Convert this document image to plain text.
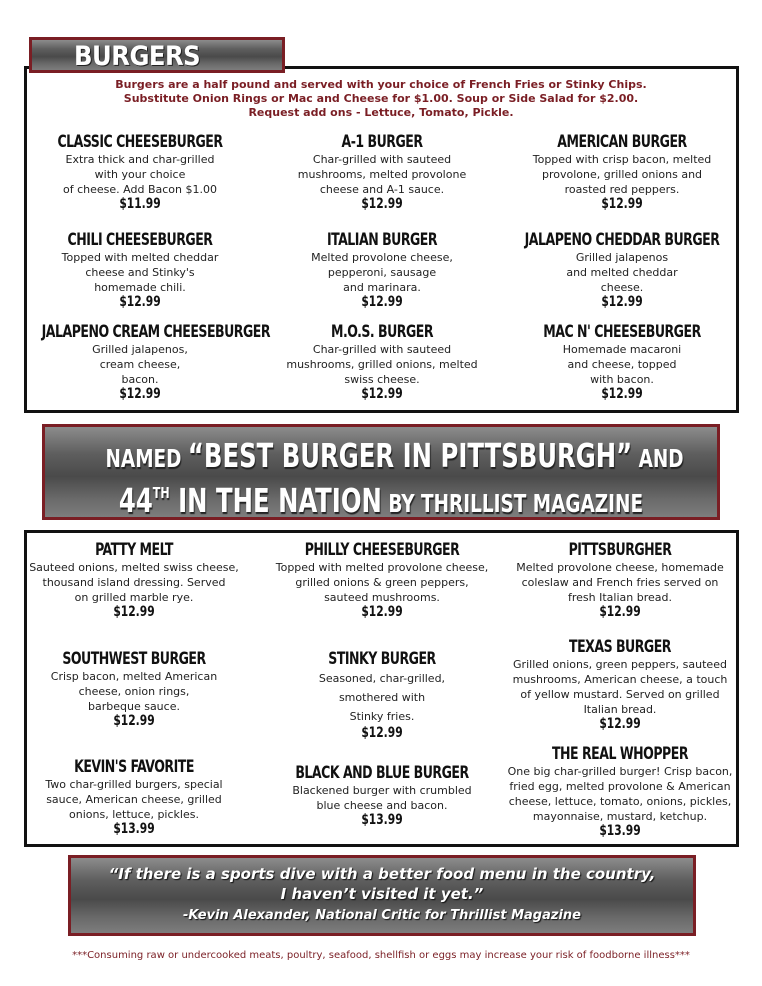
BURGERS
Burgers are a half pound and served with your choice of French Fries or Stinky Chips.
Substitute Onion Rings or Mac and Cheese for $1.00. Soup or Side Salad for $2.00.
Request add ons - Lettuce, Tomato, Pickle.
CLASSIC CHEESEBURGER
Extra thick and char-grilled
with your choice
of cheese. Add Bacon $1.00
$11.99
A-1 BURGER
Char-grilled with sauteed
mushrooms, melted provolone
cheese and A-1 sauce.
$12.99
AMERICAN BURGER
Topped with crisp bacon, melted
provolone, grilled onions and
roasted red peppers.
$12.99
CHILI CHEESEBURGER
Topped with melted cheddar
cheese and Stinky's
homemade chili.
$12.99
ITALIAN BURGER
Melted provolone cheese,
pepperoni, sausage
and marinara.
$12.99
JALAPENO CHEDDAR BURGER
Grilled jalapenos
and melted cheddar
cheese.
$12.99
JALAPENO CREAM CHEESEBURGER
Grilled jalapenos,
cream cheese,
bacon.
$12.99
M.O.S. BURGER
Char-grilled with sauteed
mushrooms, grilled onions, melted
swiss cheese.
$12.99
MAC N' CHEESEBURGER
Homemade macaroni
and cheese, topped
with bacon.
$12.99
NAMED “BEST BURGER IN PITTSBURGH” AND
44TH IN THE NATION BY THRILLIST MAGAZINE
PATTY MELT
Sauteed onions, melted swiss cheese,
thousand island dressing. Served
on grilled marble rye.
$12.99
PHILLY CHEESEBURGER
Topped with melted provolone cheese,
grilled onions & green peppers,
sauteed mushrooms.
$12.99
PITTSBURGHER
Melted provolone cheese, homemade
coleslaw and French fries served on
fresh Italian bread.
$12.99
SOUTHWEST BURGER
Crisp bacon, melted American
cheese, onion rings,
barbeque sauce.
$12.99
STINKY BURGER
Seasoned, char-grilled,
smothered with
Stinky fries.
$12.99
TEXAS BURGER
Grilled onions, green peppers, sauteed
mushrooms, American cheese, a touch
of yellow mustard. Served on grilled
Italian bread.
$12.99
KEVIN'S FAVORITE
Two char-grilled burgers, special
sauce, American cheese, grilled
onions, lettuce, pickles.
$13.99
BLACK AND BLUE BURGER
Blackened burger with crumbled
blue cheese and bacon.
$13.99
THE REAL WHOPPER
One big char-grilled burger! Crisp bacon,
fried egg, melted provolone & American
cheese, lettuce, tomato, onions, pickles,
mayonnaise, mustard, ketchup.
$13.99
“If there is a sports dive with a better food menu in the country,
I haven’t visited it yet.”
-Kevin Alexander, National Critic for Thrillist Magazine
***Consuming raw or undercooked meats, poultry, seafood, shellfish or eggs may increase your risk of foodborne illness***
